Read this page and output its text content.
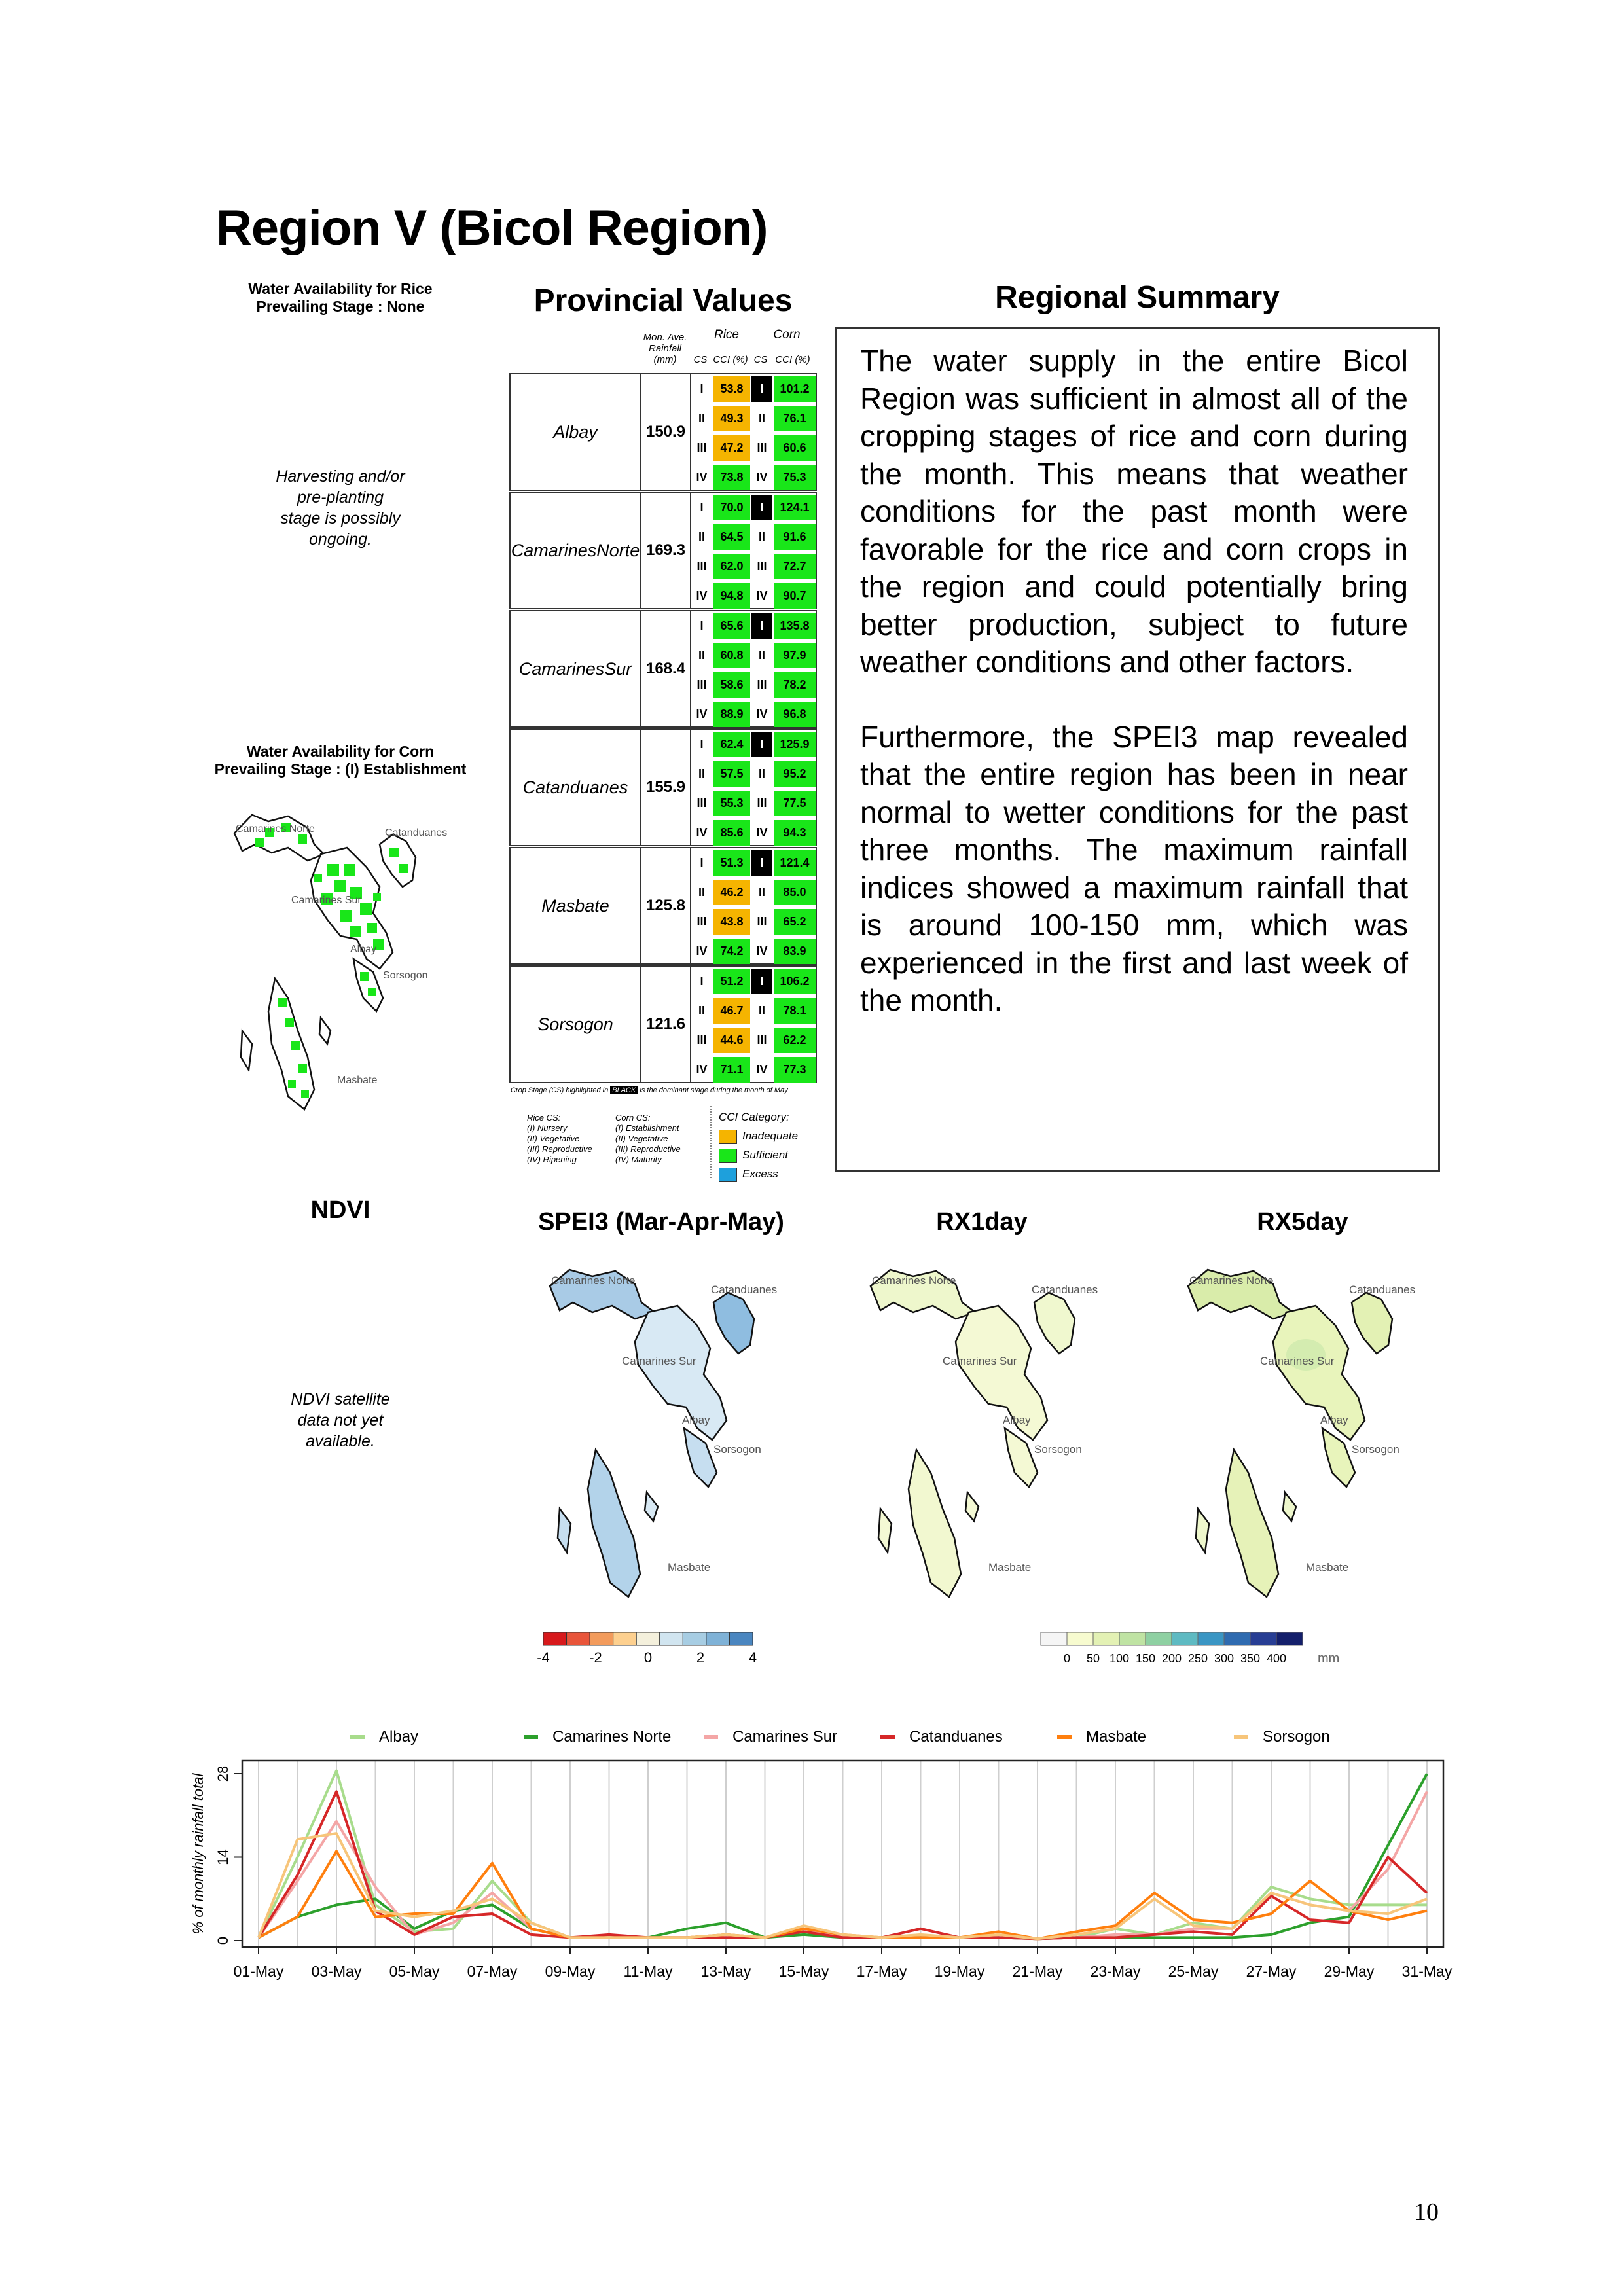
Region V (Bicol Region)
Water Availability for Rice
Prevailing Stage : None
Harvesting and/or
pre-planting
stage is possibly
ongoing.
Water Availability for Corn
Prevailing Stage : (I) Establishment
Camarines Norte	Catanduanes
Camarines Sur
Albay
Sorsogon
Masbate
Provincial Values
Mon. Ave.
Rainfall
(mm)
Rice	Corn
CS CCI (%) CS CCI (%)
Albay	150.9
I	53.8	I	101.2
II	49.3	II	76.1
III	47.2	III	60.6
IV	73.8	IV	75.3
Camarines Norte 169.3
I	70.0	I	124.1
II	64.5	II	91.6
III	62.0	III	72.7
IV	94.8	IV	90.7
Camarines Sur 168.4
I	65.6	I	135.8
II	60.8	II	97.9
III	58.6	III	78.2
IV	88.9	IV	96.8
Catanduanes 155.9
I	62.4	I	125.9
II	57.5	II	95.2
III	55.3	III	77.5
IV	85.6	IV	94.3
Masbate 125.8
I	51.3	I	121.4
II	46.2	II	85.0
III	43.8	III	65.2
IV	74.2	IV	83.9
Sorsogon 121.6
I	51.2	I	106.2
II	46.7	II	78.1
III	44.6	III	62.2
IV	71.1	IV	77.3
Crop Stage (CS) highlighted in BLACK is the dominant stage during the month of May
Rice CS:
(I) Nursery
(II) Vegetative
(III) Reproductive
(IV) Ripening
Corn CS:
(I) Establishment
(II) Vegetative
(III) Reproductive
(IV) Maturity
CCI Category:
Inadequate
Sufficient
Excess
Regional Summary

The water supply in the entire Bicol Region was sufficient in almost all of the cropping stages of rice and corn during the month. This means that weather conditions for the past month were favorable for the rice and corn crops in the region and could potentially bring better production, subject to future weather conditions and other factors.

Furthermore, the SPEI3 map revealed that the entire region has been in near normal to wetter conditions for the past three months. The maximum rainfall indices showed a maximum rainfall that is around 100-150 mm, which was experienced in the first and last week of the month.

NDVI
NDVI satellite
data not yet
available.
SPEI3 (Mar-Apr-May)	RX1day	RX5day
Camarines Norte
Catanduanes
Camarines Sur
Albay
Sorsogon
Masbate
Camarines Norte
Catanduanes
Camarines Sur
Albay
Sorsogon
Masbate
Camarines Norte
Catanduanes
Camarines Sur
Albay
Sorsogon
Masbate
-4	-2	0	2	4	0 50 100 150 200 250 300 350 400 mm
Albay	Camarines Norte	Camarines Sur	Catanduanes	Masbate	Sorsogon
0
14
28
% of monthly rainfall total
01-May 03-May 05-May 07-May 09-May 11-May 13-May 15-May 17-May 19-May 21-May 23-May 25-May 27-May 29-May 31-May
10
